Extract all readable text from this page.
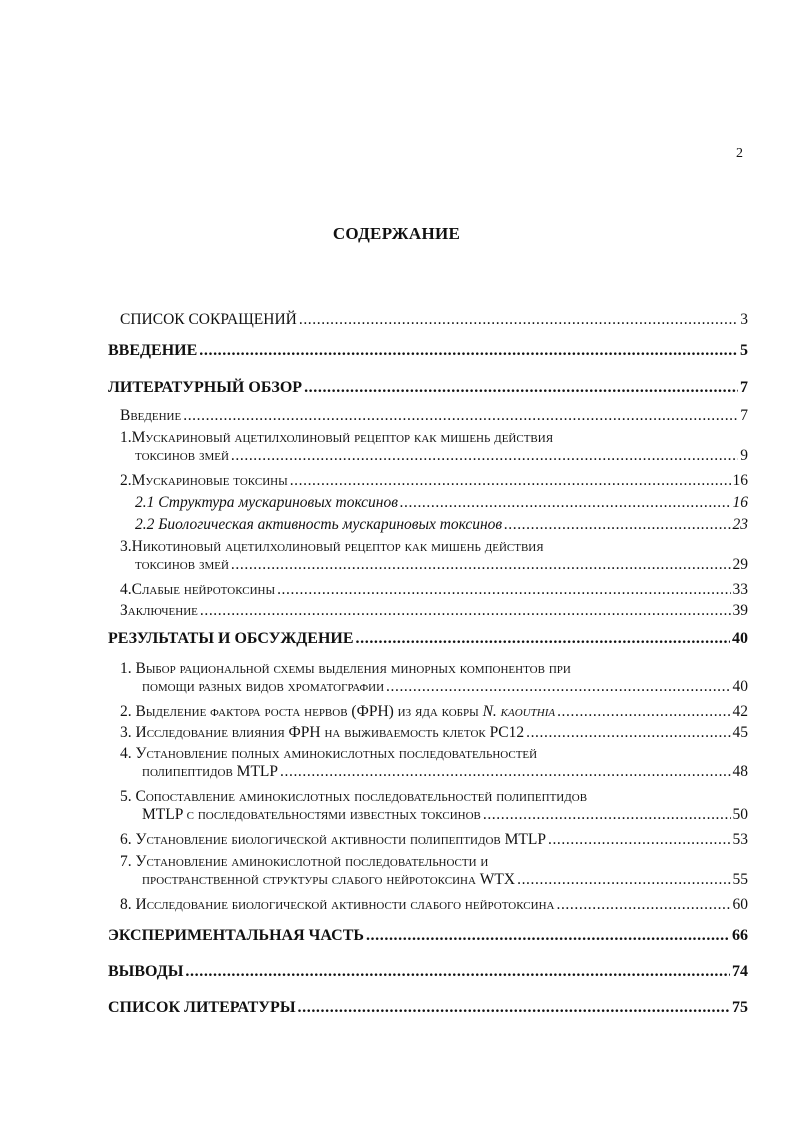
2
СОДЕРЖАНИЕ
СПИСОК СОКРАЩЕНИЙ .....	3
ВВЕДЕНИЕ .....	5
ЛИТЕРАТУРНЫЙ ОБЗОР .....	7
Введение .....	7
1.Мускариновый ацетилхолиновый рецептор как мишень действия
токсинов змей .....	9
2.Мускариновые токсины .....	16
2.1 Структура мускариновых токсинов .....	16
2.2 Биологическая активность мускариновых токсинов .....	23
3.Никотиновый ацетилхолиновый рецептор как мишень действия
токсинов змей .....	29
4.Слабые нейротоксины .....	33
Заключение .....	39
РЕЗУЛЬТАТЫ И ОБСУЖДЕНИЕ .....	40
1. Выбор рациональной схемы выделения минорных компонентов при
помощи разных видов хроматографии .....	40
2. Выделение фактора роста нервов (ФРН) из яда кобры N. kaouthia .....	42
3. Исследование влияния ФРН на выживаемость клеток PC12 .....	45
4. Установление полных аминокислотных последовательностей
полипептидов MTLP .....	48
5. Сопоставление аминокислотных последовательностей полипептидов
MTLP с последовательностями известных токсинов .....	50
6. Установление биологической активности полипептидов MTLP .....	53
7. Установление аминокислотной последовательности и
пространственной структуры слабого нейротоксина WTX .....	55
8. Исследование биологической активности слабого нейротоксина .....	60
ЭКСПЕРИМЕНТАЛЬНАЯ ЧАСТЬ .....	66
ВЫВОДЫ .....	74
СПИСОК ЛИТЕРАТУРЫ .....	75
